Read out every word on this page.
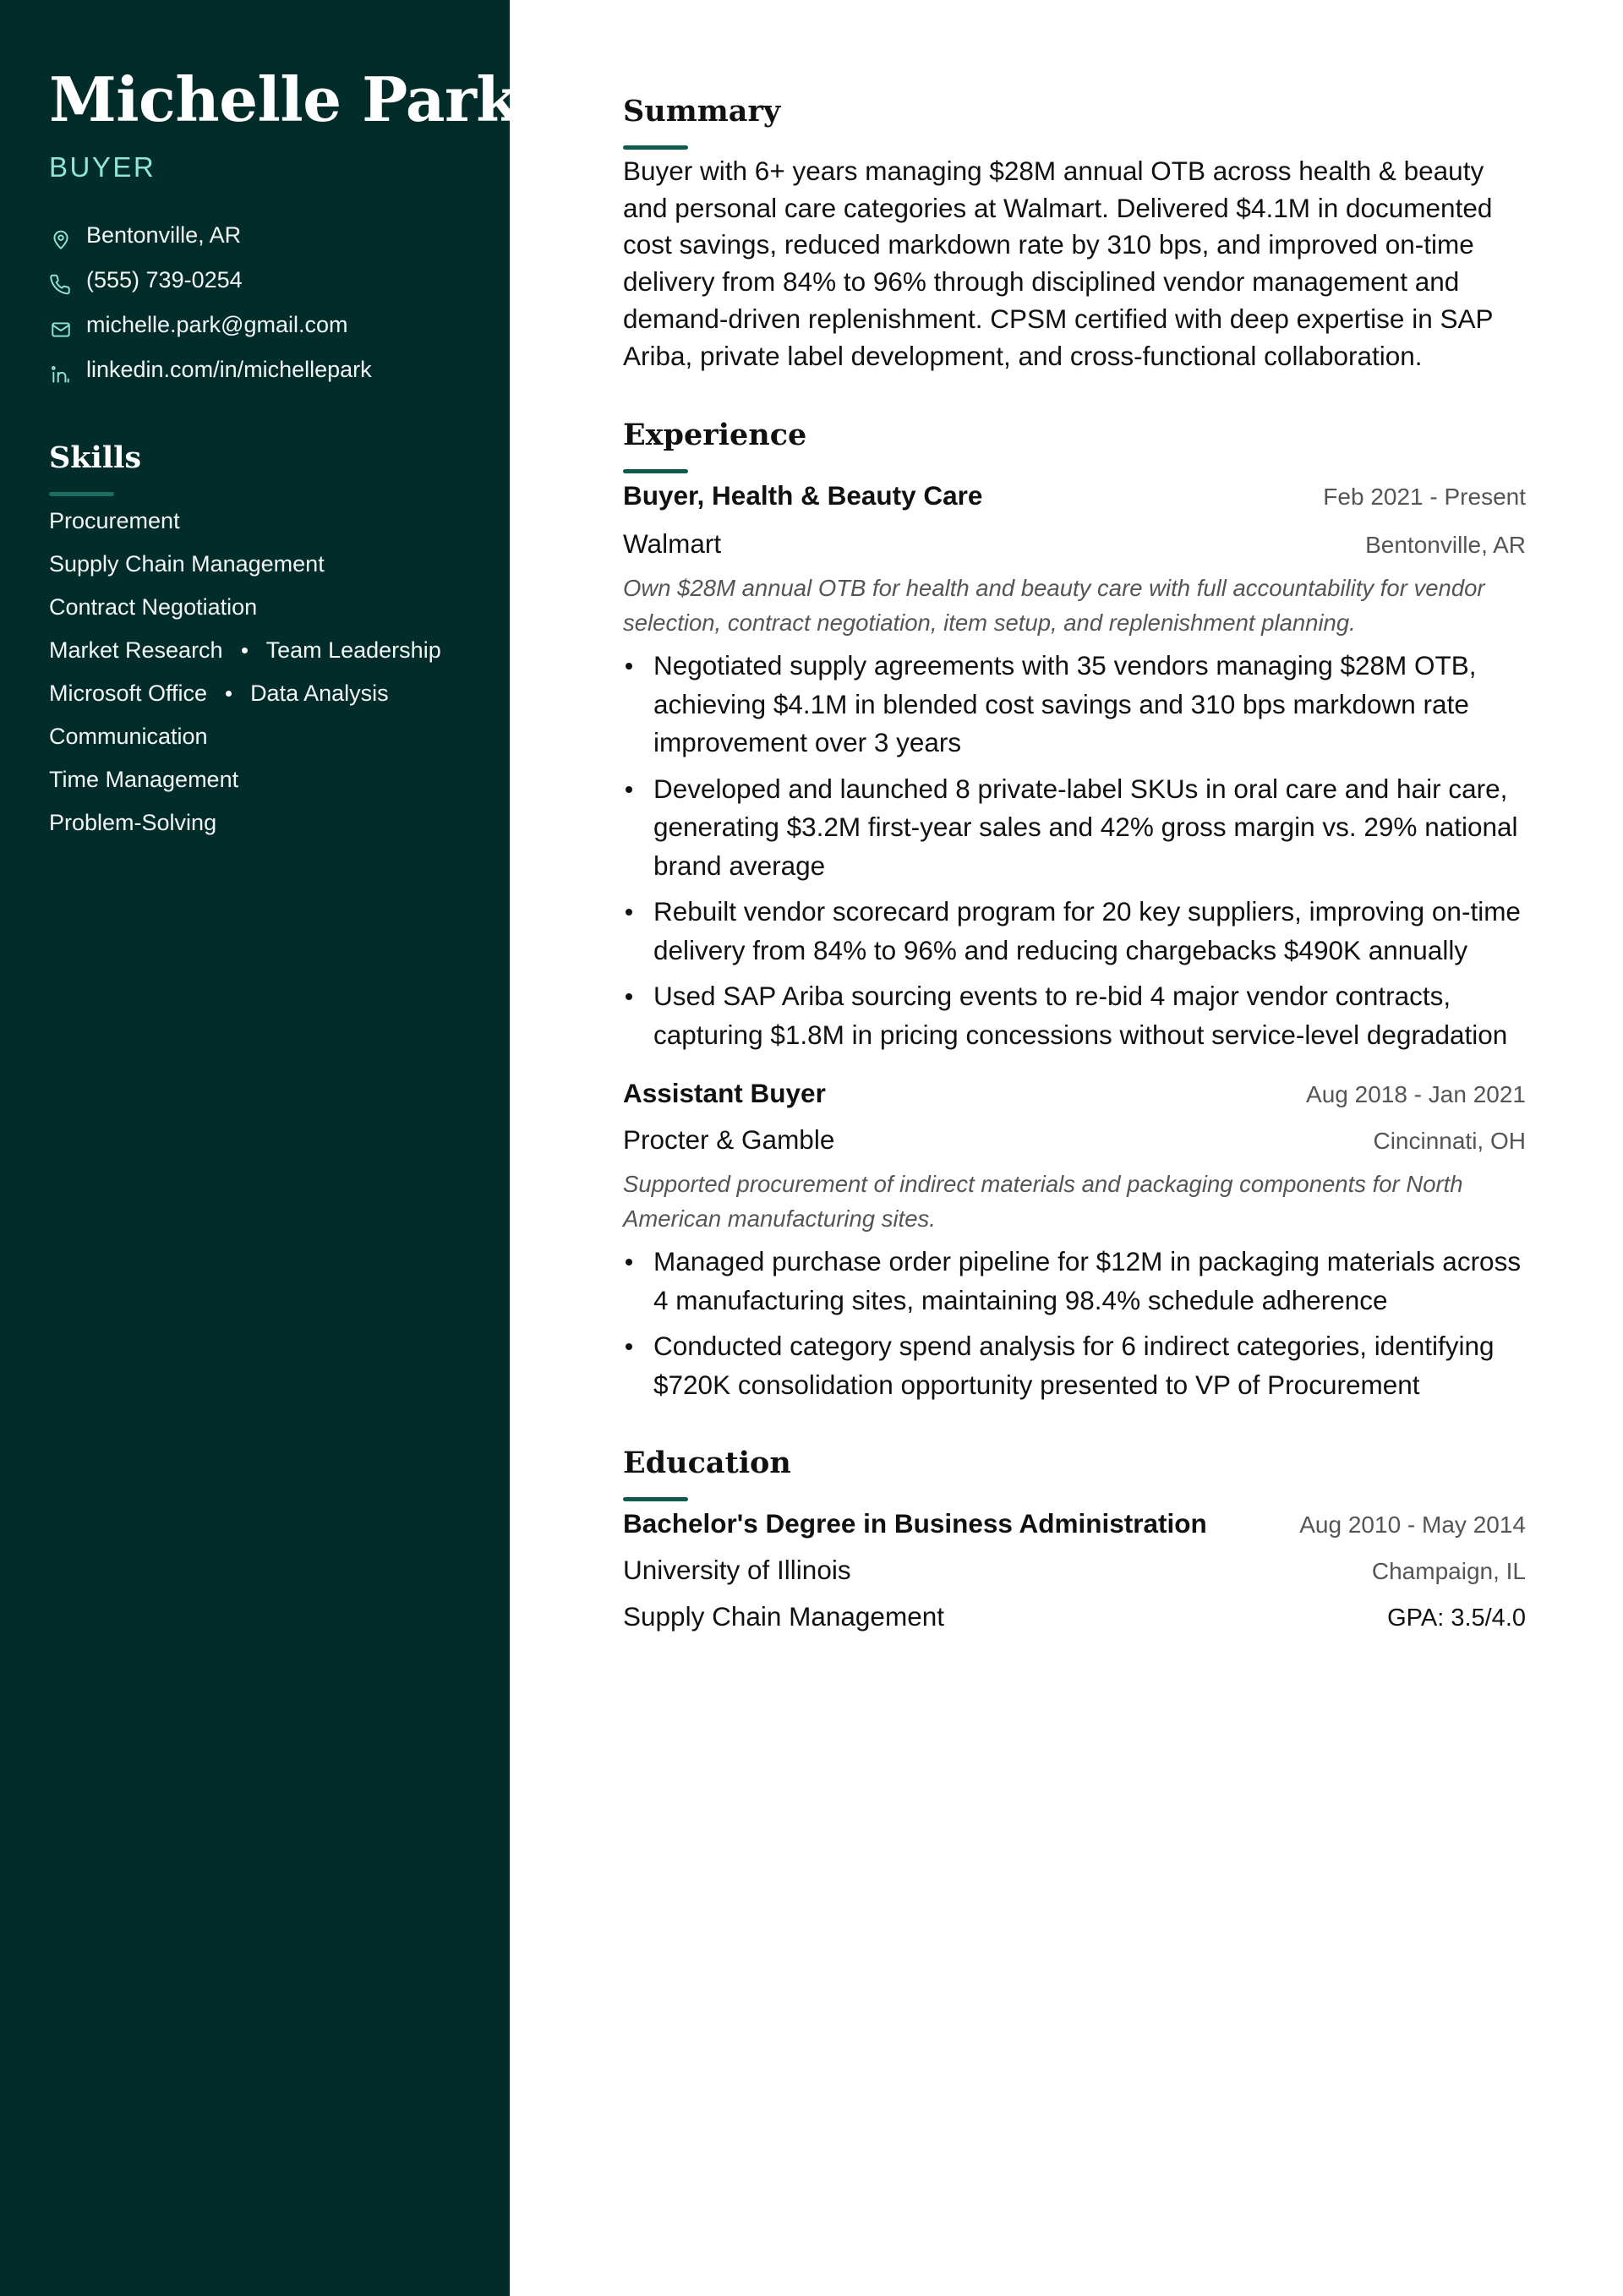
Michelle Park
BUYER
Bentonville, AR
(555) 739-0254
michelle.park@gmail.com
linkedin.com/in/michellepark
Skills
Procurement
Supply Chain Management
Contract Negotiation
Market Research Team Leadership
Microsoft Office Data Analysis
Communication
Time Management
Problem-Solving
Summary

Buyer with 6+ years managing $28M annual OTB across health & beauty and personal care categories at Walmart. Delivered $4.1M in documented cost savings, reduced markdown rate by 310 bps, and improved on-time delivery from 84% to 96% through disciplined vendor management and demand-driven replenishment. CPSM certified with deep expertise in SAP Ariba, private label development, and cross-functional collaboration.

Experience
Buyer, Health & Beauty Care	Feb 2021 - Present
Walmart	Bentonville, AR
Own $28M annual OTB for health and beauty care with full accountability for vendor selection, contract negotiation, item setup, and replenishment planning.
Negotiated supply agreements with 35 vendors managing $28M OTB, achieving $4.1M in blended cost savings and 310 bps markdown rate improvement over 3 years
Developed and launched 8 private-label SKUs in oral care and hair care, generating $3.2M first-year sales and 42% gross margin vs. 29% national brand average
Rebuilt vendor scorecard program for 20 key suppliers, improving on-time delivery from 84% to 96% and reducing chargebacks $490K annually
Used SAP Ariba sourcing events to re-bid 4 major vendor contracts, capturing $1.8M in pricing concessions without service-level degradation
Assistant Buyer	Aug 2018 - Jan 2021
Procter & Gamble	Cincinnati, OH
Supported procurement of indirect materials and packaging components for North American manufacturing sites.
Managed purchase order pipeline for $12M in packaging materials across 4 manufacturing sites, maintaining 98.4% schedule adherence
Conducted category spend analysis for 6 indirect categories, identifying $720K consolidation opportunity presented to VP of Procurement
Education
Bachelor's Degree in Business Administration	Aug 2010 - May 2014
University of Illinois	Champaign, IL
Supply Chain Management	GPA: 3.5/4.0
